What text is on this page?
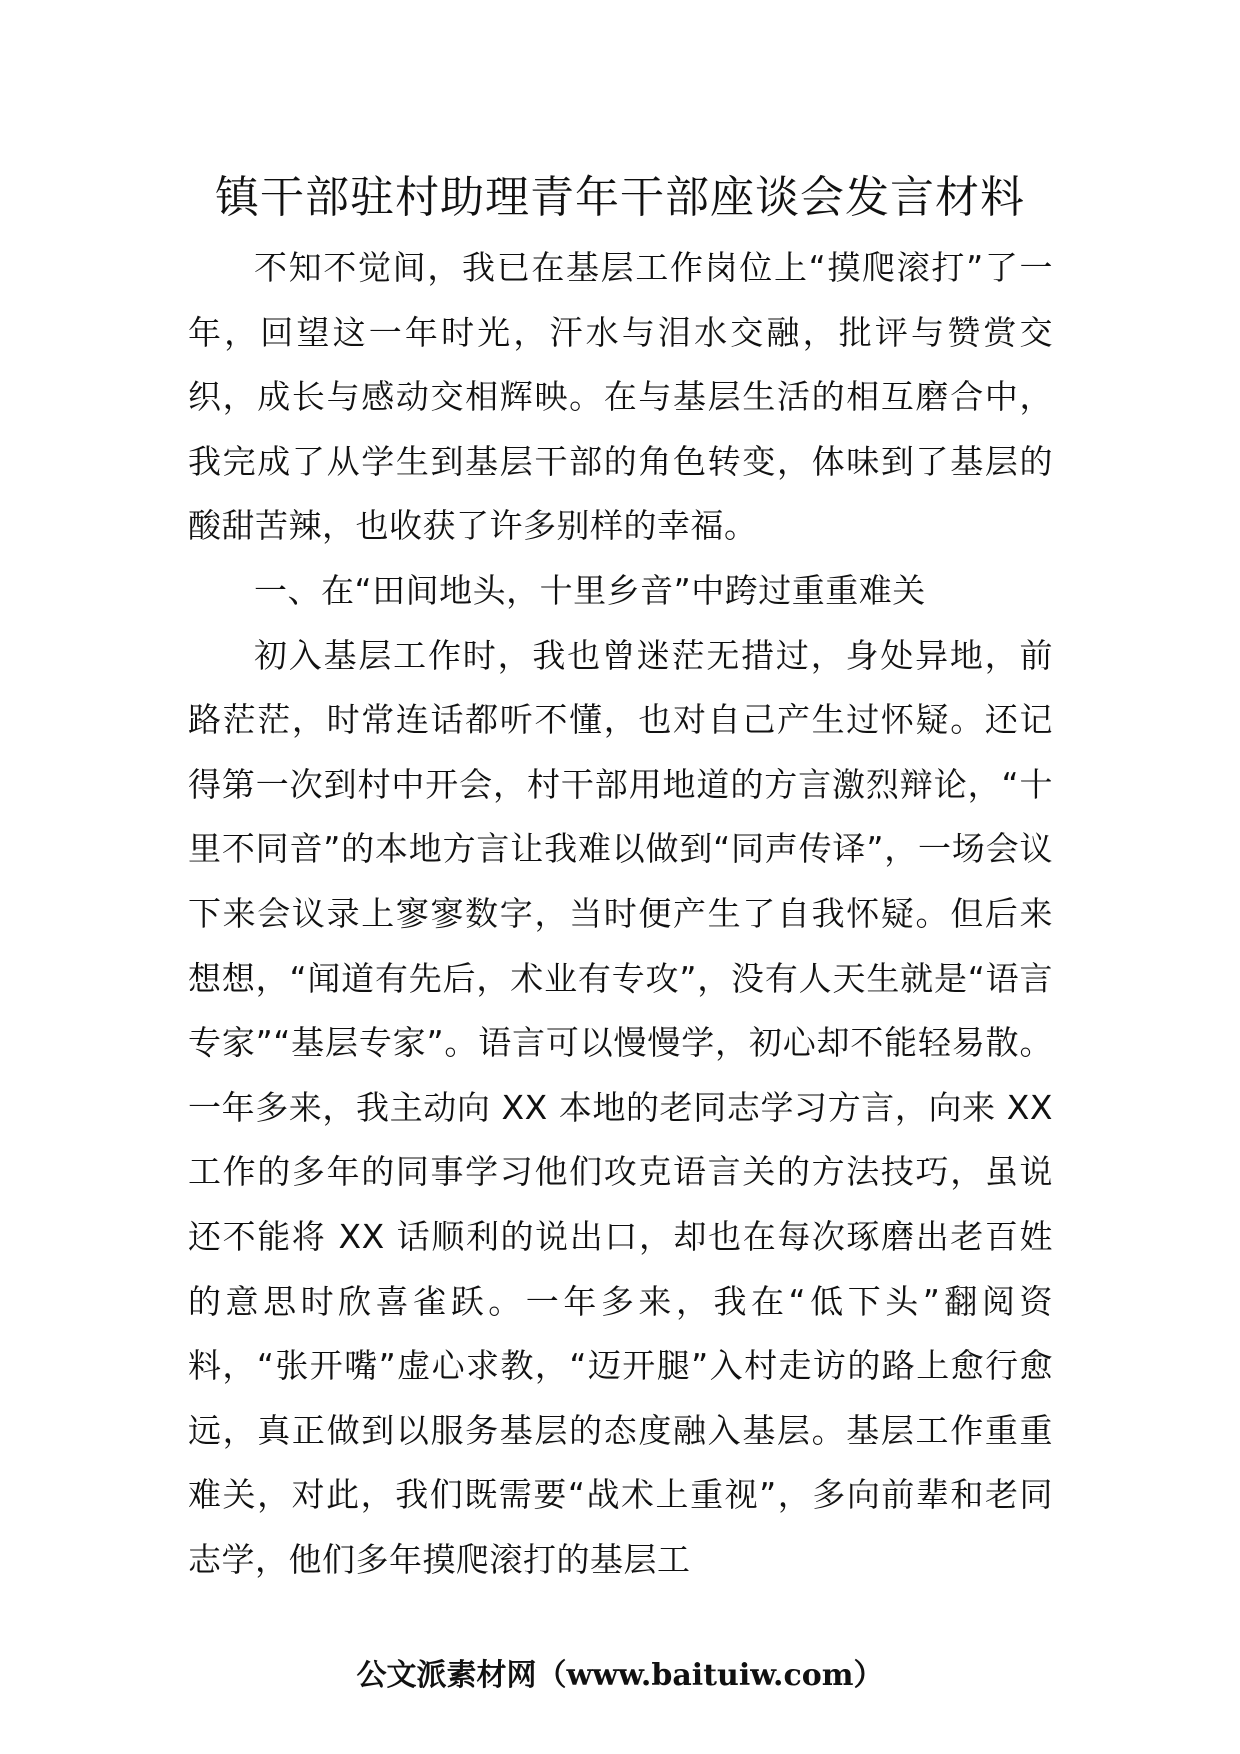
镇干部驻村助理青年干部座谈会发言材料

不知不觉间，我已在基层工作岗位上“摸爬滚打”了一年，回望这一年时光，汗水与泪水交融，批评与赞赏交织，成长与感动交相辉映。在与基层生活的相互磨合中，我完成了从学生到基层干部的角色转变，体味到了基层的酸甜苦辣，也收获了许多别样的幸福。

一、在“田间地头，十里乡音”中跨过重重难关

初入基层工作时，我也曾迷茫无措过，身处异地，前路茫茫，时常连话都听不懂，也对自己产生过怀疑。还记得第一次到村中开会，村干部用地道的方言激烈辩论，“十里不同音”的本地方言让我难以做到“同声传译”，一场会议下来会议录上寥寥数字，当时便产生了自我怀疑。但后来想想，“闻道有先后，术业有专攻”，没有人天生就是“语言专家”“基层专家”。语言可以慢慢学，初心却不能轻易散。一年多来，我主动向 XX 本地的老同志学习方言，向来 XX 工作的多年的同事学习他们攻克语言关的方法技巧，虽说还不能将 XX 话顺利的说出口，却也在每次琢磨出老百姓的意思时欣喜雀跃。一年多来，我在“低下头”翻阅资料，“张开嘴”虚心求教，“迈开腿”入村走访的路上愈行愈远，真正做到以服务基层的态度融入基层。基层工作重重难关，对此，我们既需要“战术上重视”，多向前辈和老同志学，他们多年摸爬滚打的基层工

公文派素材网（www.baituiw.com）
